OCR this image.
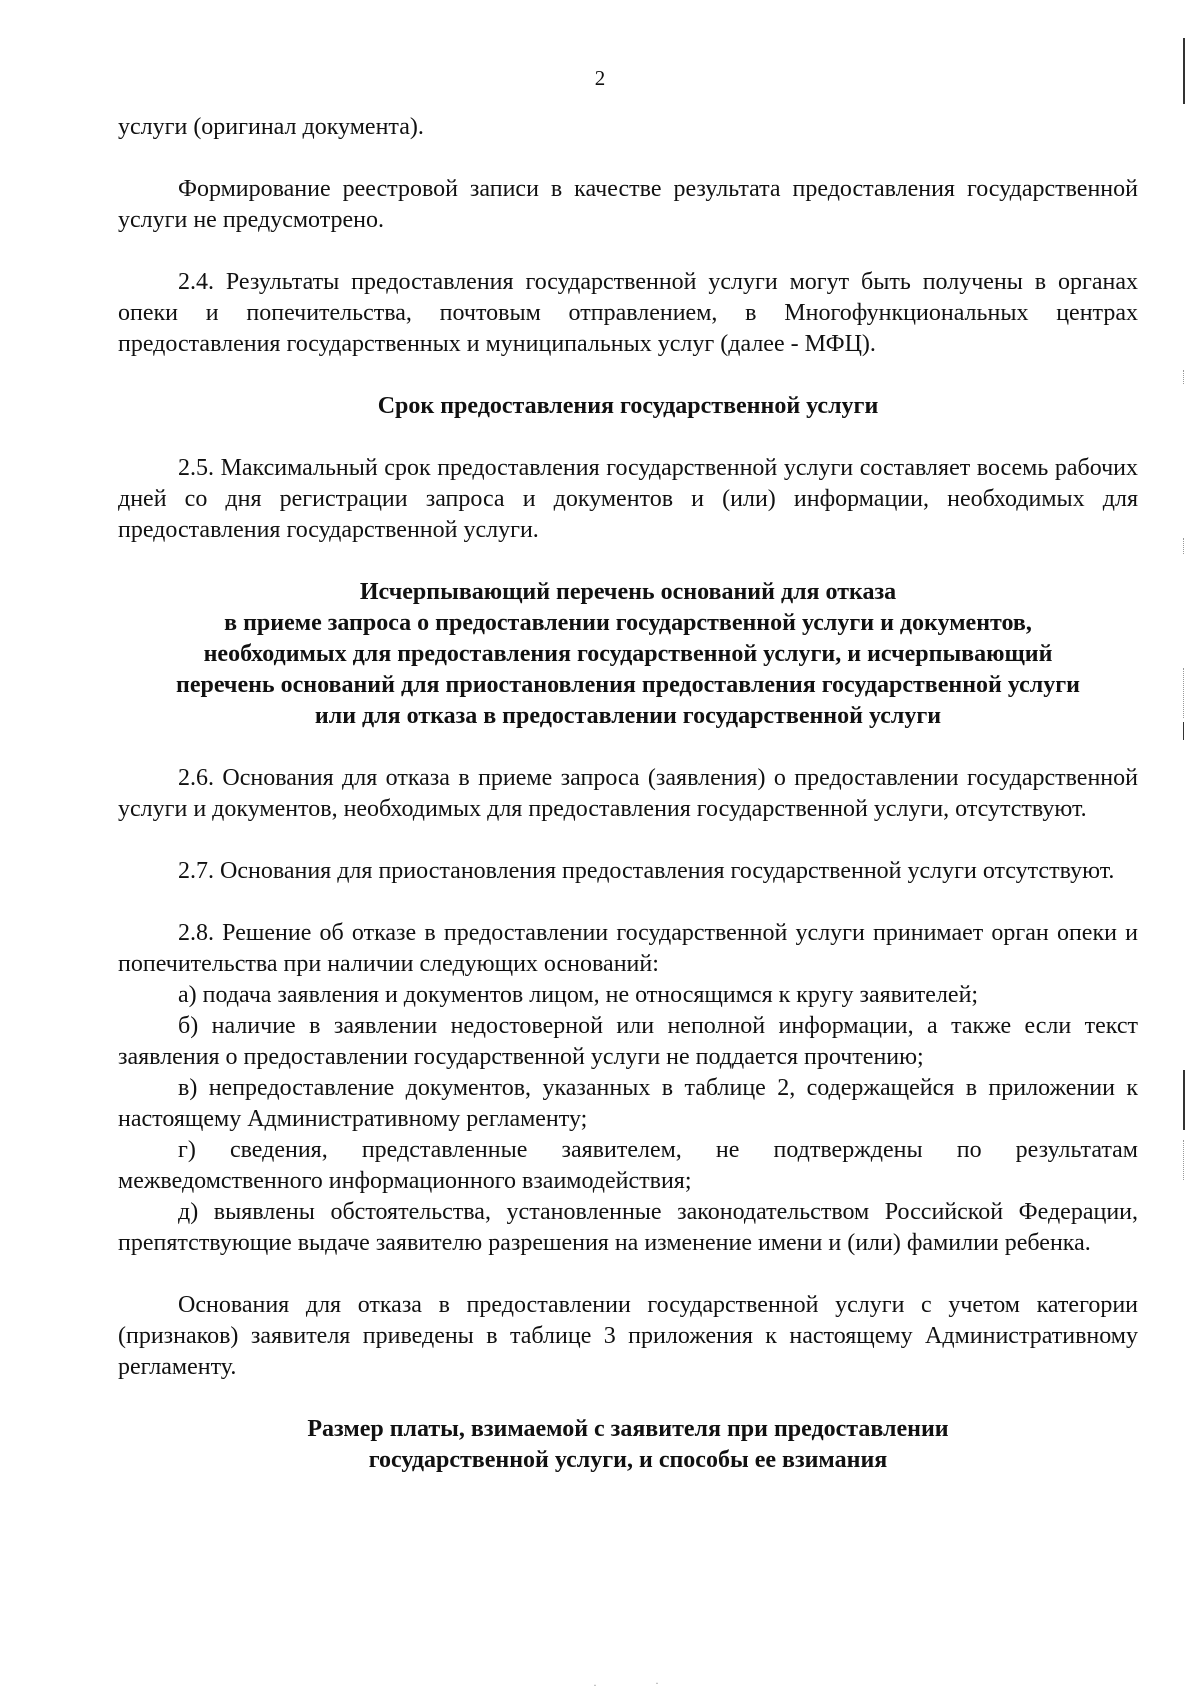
2

услуги (оригинал документа).

Формирование реестровой записи в качестве результата предоставления государственной услуги не предусмотрено.

2.4. Результаты предоставления государственной услуги могут быть получены в органах опеки и попечительства, почтовым отправлением, в Многофункциональных центрах предоставления государственных и муниципальных услуг (далее - МФЦ).

Срок предоставления государственной услуги

2.5. Максимальный срок предоставления государственной услуги составляет восемь рабочих дней со дня регистрации запроса и документов и (или) информации, необходимых для предоставления государственной услуги.

Исчерпывающий перечень оснований для отказа
в приеме запроса о предоставлении государственной услуги и документов,
необходимых для предоставления государственной услуги, и исчерпывающий
перечень оснований для приостановления предоставления государственной услуги
или для отказа в предоставлении государственной услуги

2.6. Основания для отказа в приеме запроса (заявления) о предоставлении государственной услуги и документов, необходимых для предоставления государственной услуги, отсутствуют.

2.7. Основания для приостановления предоставления государственной услуги отсутствуют.

2.8. Решение об отказе в предоставлении государственной услуги принимает орган опеки и попечительства при наличии следующих оснований:

а) подача заявления и документов лицом, не относящимся к кругу заявителей;

б) наличие в заявлении недостоверной или неполной информации, а также если текст заявления о предоставлении государственной услуги не поддается прочтению;

в) непредоставление документов, указанных в таблице 2, содержащейся в приложении к настоящему Административному регламенту;

г) сведения, представленные заявителем, не подтверждены по результатам межведомственного информационного взаимодействия;

д) выявлены обстоятельства, установленные законодательством Российской Федерации, препятствующие выдаче заявителю разрешения на изменение имени и (или) фамилии ребенка.

Основания для отказа в предоставлении государственной услуги с учетом категории (признаков) заявителя приведены в таблице 3 приложения к настоящему Административному регламенту.

Размер платы, взимаемой с заявителя при предоставлении
государственной услуги, и способы ее взимания
·	·
